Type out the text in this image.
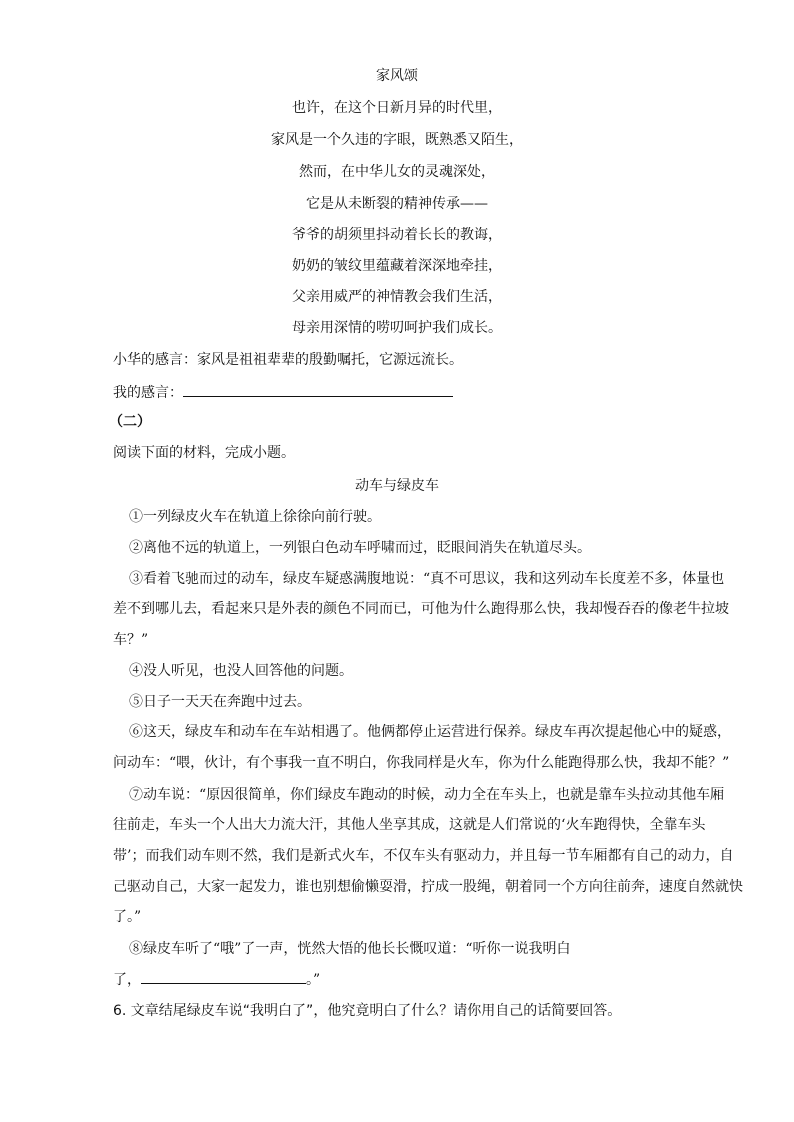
家风颂
也许，在这个日新月异的时代里，
家风是一个久违的字眼，既熟悉又陌生，
然而，在中华儿女的灵魂深处，
它是从未断裂的精神传承——
爷爷的胡须里抖动着长长的教诲，
奶奶的皱纹里蕴藏着深深地牵挂，
父亲用威严的神情教会我们生活，
母亲用深情的唠叨呵护我们成长。
小华的感言：家风是祖祖辈辈的殷勤嘱托，它源远流长。
我的感言：
（二）
阅读下面的材料，完成小题。
动车与绿皮车
①一列绿皮火车在轨道上徐徐向前行驶。
②离他不远的轨道上，一列银白色动车呼啸而过，眨眼间消失在轨道尽头。
③看着飞驰而过的动车，绿皮车疑惑满腹地说：“真不可思议，我和这列动车长度差不多，体量也
差不到哪儿去，看起来只是外表的颜色不同而已，可他为什么跑得那么快，我却慢吞吞的像老牛拉坡
车？”
④没人听见，也没人回答他的问题。
⑤日子一天天在奔跑中过去。
⑥这天，绿皮车和动车在车站相遇了。他俩都停止运营进行保养。绿皮车再次提起他心中的疑惑，
问动车：“喂，伙计，有个事我一直不明白，你我同样是火车，你为什么能跑得那么快，我却不能？”
⑦动车说：“原因很简单，你们绿皮车跑动的时候，动力全在车头上，也就是靠车头拉动其他车厢
往前走，车头一个人出大力流大汗，其他人坐享其成，这就是人们常说的‘火车跑得快，全靠车头
带’；而我们动车则不然，我们是新式火车，不仅车头有驱动力，并且每一节车厢都有自己的动力，自
己驱动自己，大家一起发力，谁也别想偷懒耍滑，拧成一股绳，朝着同一个方向往前奔，速度自然就快
了。”
⑧绿皮车听了“哦”了一声，恍然大悟的他长长慨叹道：“听你一说我明白
了，	。”
6. 文章结尾绿皮车说“我明白了”，他究竟明白了什么？请你用自己的话简要回答。
